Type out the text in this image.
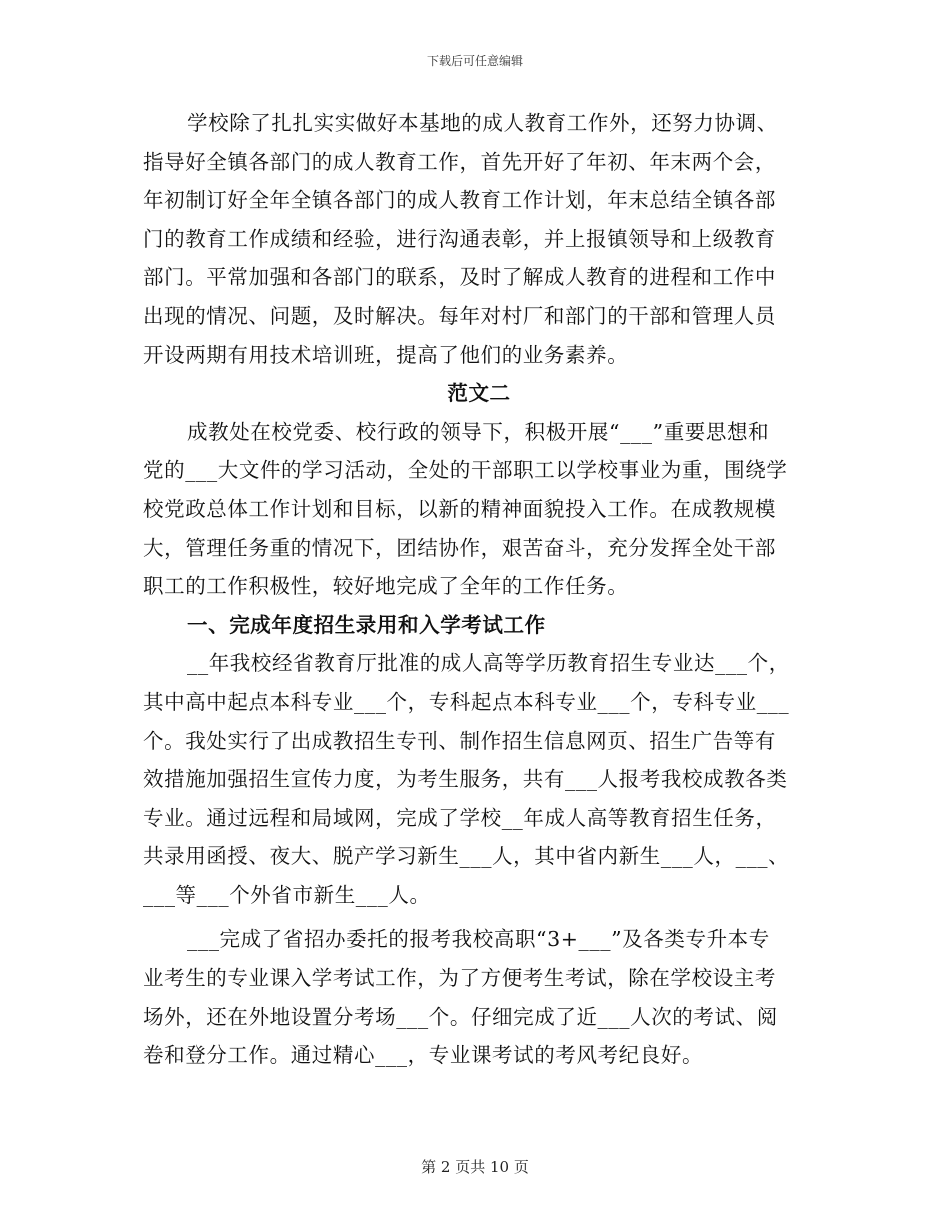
下载后可任意编辑
学校除了扎扎实实做好本基地的成人教育工作外，还努力协调、
指导好全镇各部门的成人教育工作，首先开好了年初、年末两个会，
年初制订好全年全镇各部门的成人教育工作计划，年末总结全镇各部
门的教育工作成绩和经验，进行沟通表彰，并上报镇领导和上级教育
部门。平常加强和各部门的联系，及时了解成人教育的进程和工作中
出现的情况、问题，及时解决。每年对村厂和部门的干部和管理人员
开设两期有用技术培训班，提高了他们的业务素养。
范文二
成教处在校党委、校行政的领导下，积极开展“___”重要思想和
党的___大文件的学习活动，全处的干部职工以学校事业为重，围绕学
校党政总体工作计划和目标，以新的精神面貌投入工作。在成教规模
大，管理任务重的情况下，团结协作，艰苦奋斗，充分发挥全处干部
职工的工作积极性，较好地完成了全年的工作任务。
一、完成年度招生录用和入学考试工作
__年我校经省教育厅批准的成人高等学历教育招生专业达___个，
其中高中起点本科专业___个，专科起点本科专业___个，专科专业___
个。我处实行了出成教招生专刊、制作招生信息网页、招生广告等有
效措施加强招生宣传力度，为考生服务，共有___人报考我校成教各类
专业。通过远程和局域网，完成了学校__年成人高等教育招生任务，
共录用函授、夜大、脱产学习新生___人，其中省内新生___人，___、
___等___个外省市新生___人。
___完成了省招办委托的报考我校高职“3+___”及各类专升本专
业考生的专业课入学考试工作，为了方便考生考试，除在学校设主考
场外，还在外地设置分考场___个。仔细完成了近___人次的考试、阅
卷和登分工作。通过精心___，专业课考试的考风考纪良好。
第 2 页共 10 页
